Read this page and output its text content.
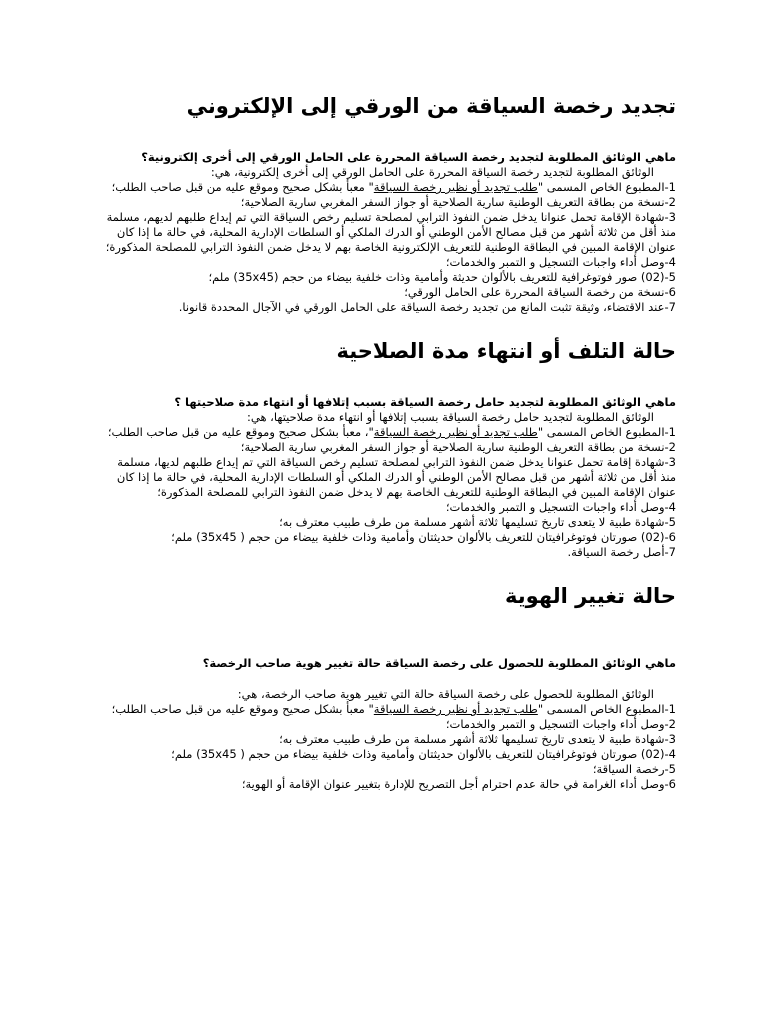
تجديد رخصة السياقة من الورقي إلى الإلكتروني

ماهي الوثائق المطلوبة لتجديد رخصة السياقة المحررة على الحامل الورقي إلى أخرى إلكترونية؟

الوثائق المطلوبة لتجديد رخصة السياقة المحررة على الحامل الورقي إلى أخرى إلكترونية، هي:

1-المطبوع الخاص المسمى "طلب تجديد أو نظير رخصة السياقة" معبأ بشكل صحيح وموقع عليه من قبل صاحب الطلب؛
2-نسخة من بطاقة التعريف الوطنية سارية الصلاحية أو جواز السفر المغربي سارية الصلاحية؛
3-شهادة الإقامة تحمل عنوانا يدخل ضمن النفوذ الترابي لمصلحة تسليم رخص السياقة التي تم إيداع طلبهم لديهم، مسلمة منذ أقل من ثلاثة أشهر من قبل مصالح الأمن الوطني أو الدرك الملكي أو السلطات الإدارية المحلية، في حالة ما إذا كان عنوان الإقامة المبين في البطاقة الوطنية للتعريف الإلكترونية الخاصة بهم لا يدخل ضمن النفوذ الترابي للمصلحة المذكورة؛
4-وصل أداء واجبات التسجيل و التمبر والخدمات؛
5-(02) صور فوتوغرافية للتعريف بالألوان حديثة وأمامية وذات خلفية بيضاء من حجم (35x45) ملم؛
6-نسخة من رخصة السياقة المحررة على الحامل الورقي؛
7-عند الاقتضاء، وثيقة تثبت المانع من تجديد رخصة السياقة على الحامل الورقي في الآجال المحددة قانونا.
حالة التلف أو انتهاء مدة الصلاحية

ماهي الوثائق المطلوبة لتجديد حامل رخصة السياقة بسبب إتلافها أو انتهاء مدة صلاحيتها ؟

الوثائق المطلوبة لتجديد حامل رخصة السياقة بسبب إتلافها أو انتهاء مدة صلاحيتها، هي:

1-المطبوع الخاص المسمى "طلب تجديد أو نظير رخصة السياقة"، معبأ بشكل صحيح وموقع عليه من قبل صاحب الطلب؛
2-نسخة من بطاقة التعريف الوطنية سارية الصلاحية أو جواز السفر المغربي سارية الصلاحية؛
3-شهادة إقامة تحمل عنوانا يدخل ضمن النفوذ الترابي لمصلحة تسليم رخص السياقة التي تم إيداع طلبهم لديها، مسلمة منذ أقل من ثلاثة أشهر من قبل مصالح الأمن الوطني أو الدرك الملكي أو السلطات الإدارية المحلية، في حالة ما إذا كان عنوان الإقامة المبين في البطاقة الوطنية للتعريف الخاصة بهم لا يدخل ضمن النفوذ الترابي للمصلحة المذكورة؛
4-وصل أداء واجبات التسجيل و التمبر والخدمات؛
5-شهادة طبية لا يتعدى تاريخ تسليمها ثلاثة أشهر مسلمة من طرف طبيب معترف به؛
6-(02) صورتان فوتوغرافيتان للتعريف بالألوان حديثتان وأمامية وذات خلفية بيضاء من حجم ( 35x45) ملم؛
7-أصل رخصة السياقة.
حالة تغيير الهوية

ماهي الوثائق المطلوبة للحصول على رخصة السياقة حالة تغيير هوية صاحب الرخصة؟

الوثائق المطلوبة للحصول على رخصة السياقة حالة التي تغيير هوية صاحب الرخصة، هي:

1-المطبوع الخاص المسمى "طلب تجديد أو نظير رخصة السياقة" معبأ بشكل صحيح وموقع عليه من قبل صاحب الطلب؛
2-وصل أداء واجبات التسجيل و التمبر والخدمات؛
3-شهادة طبية لا يتعدى تاريخ تسليمها ثلاثة أشهر مسلمة من طرف طبيب معترف به؛
4-(02) صورتان فوتوغرافيتان للتعريف بالألوان حديثتان وأمامية وذات خلفية بيضاء من حجم ( 35x45) ملم؛
5-رخصة السياقة؛
6-وصل أداء الغرامة في حالة عدم احترام أجل التصريح للإدارة بتغيير عنوان الإقامة أو الهوية؛
